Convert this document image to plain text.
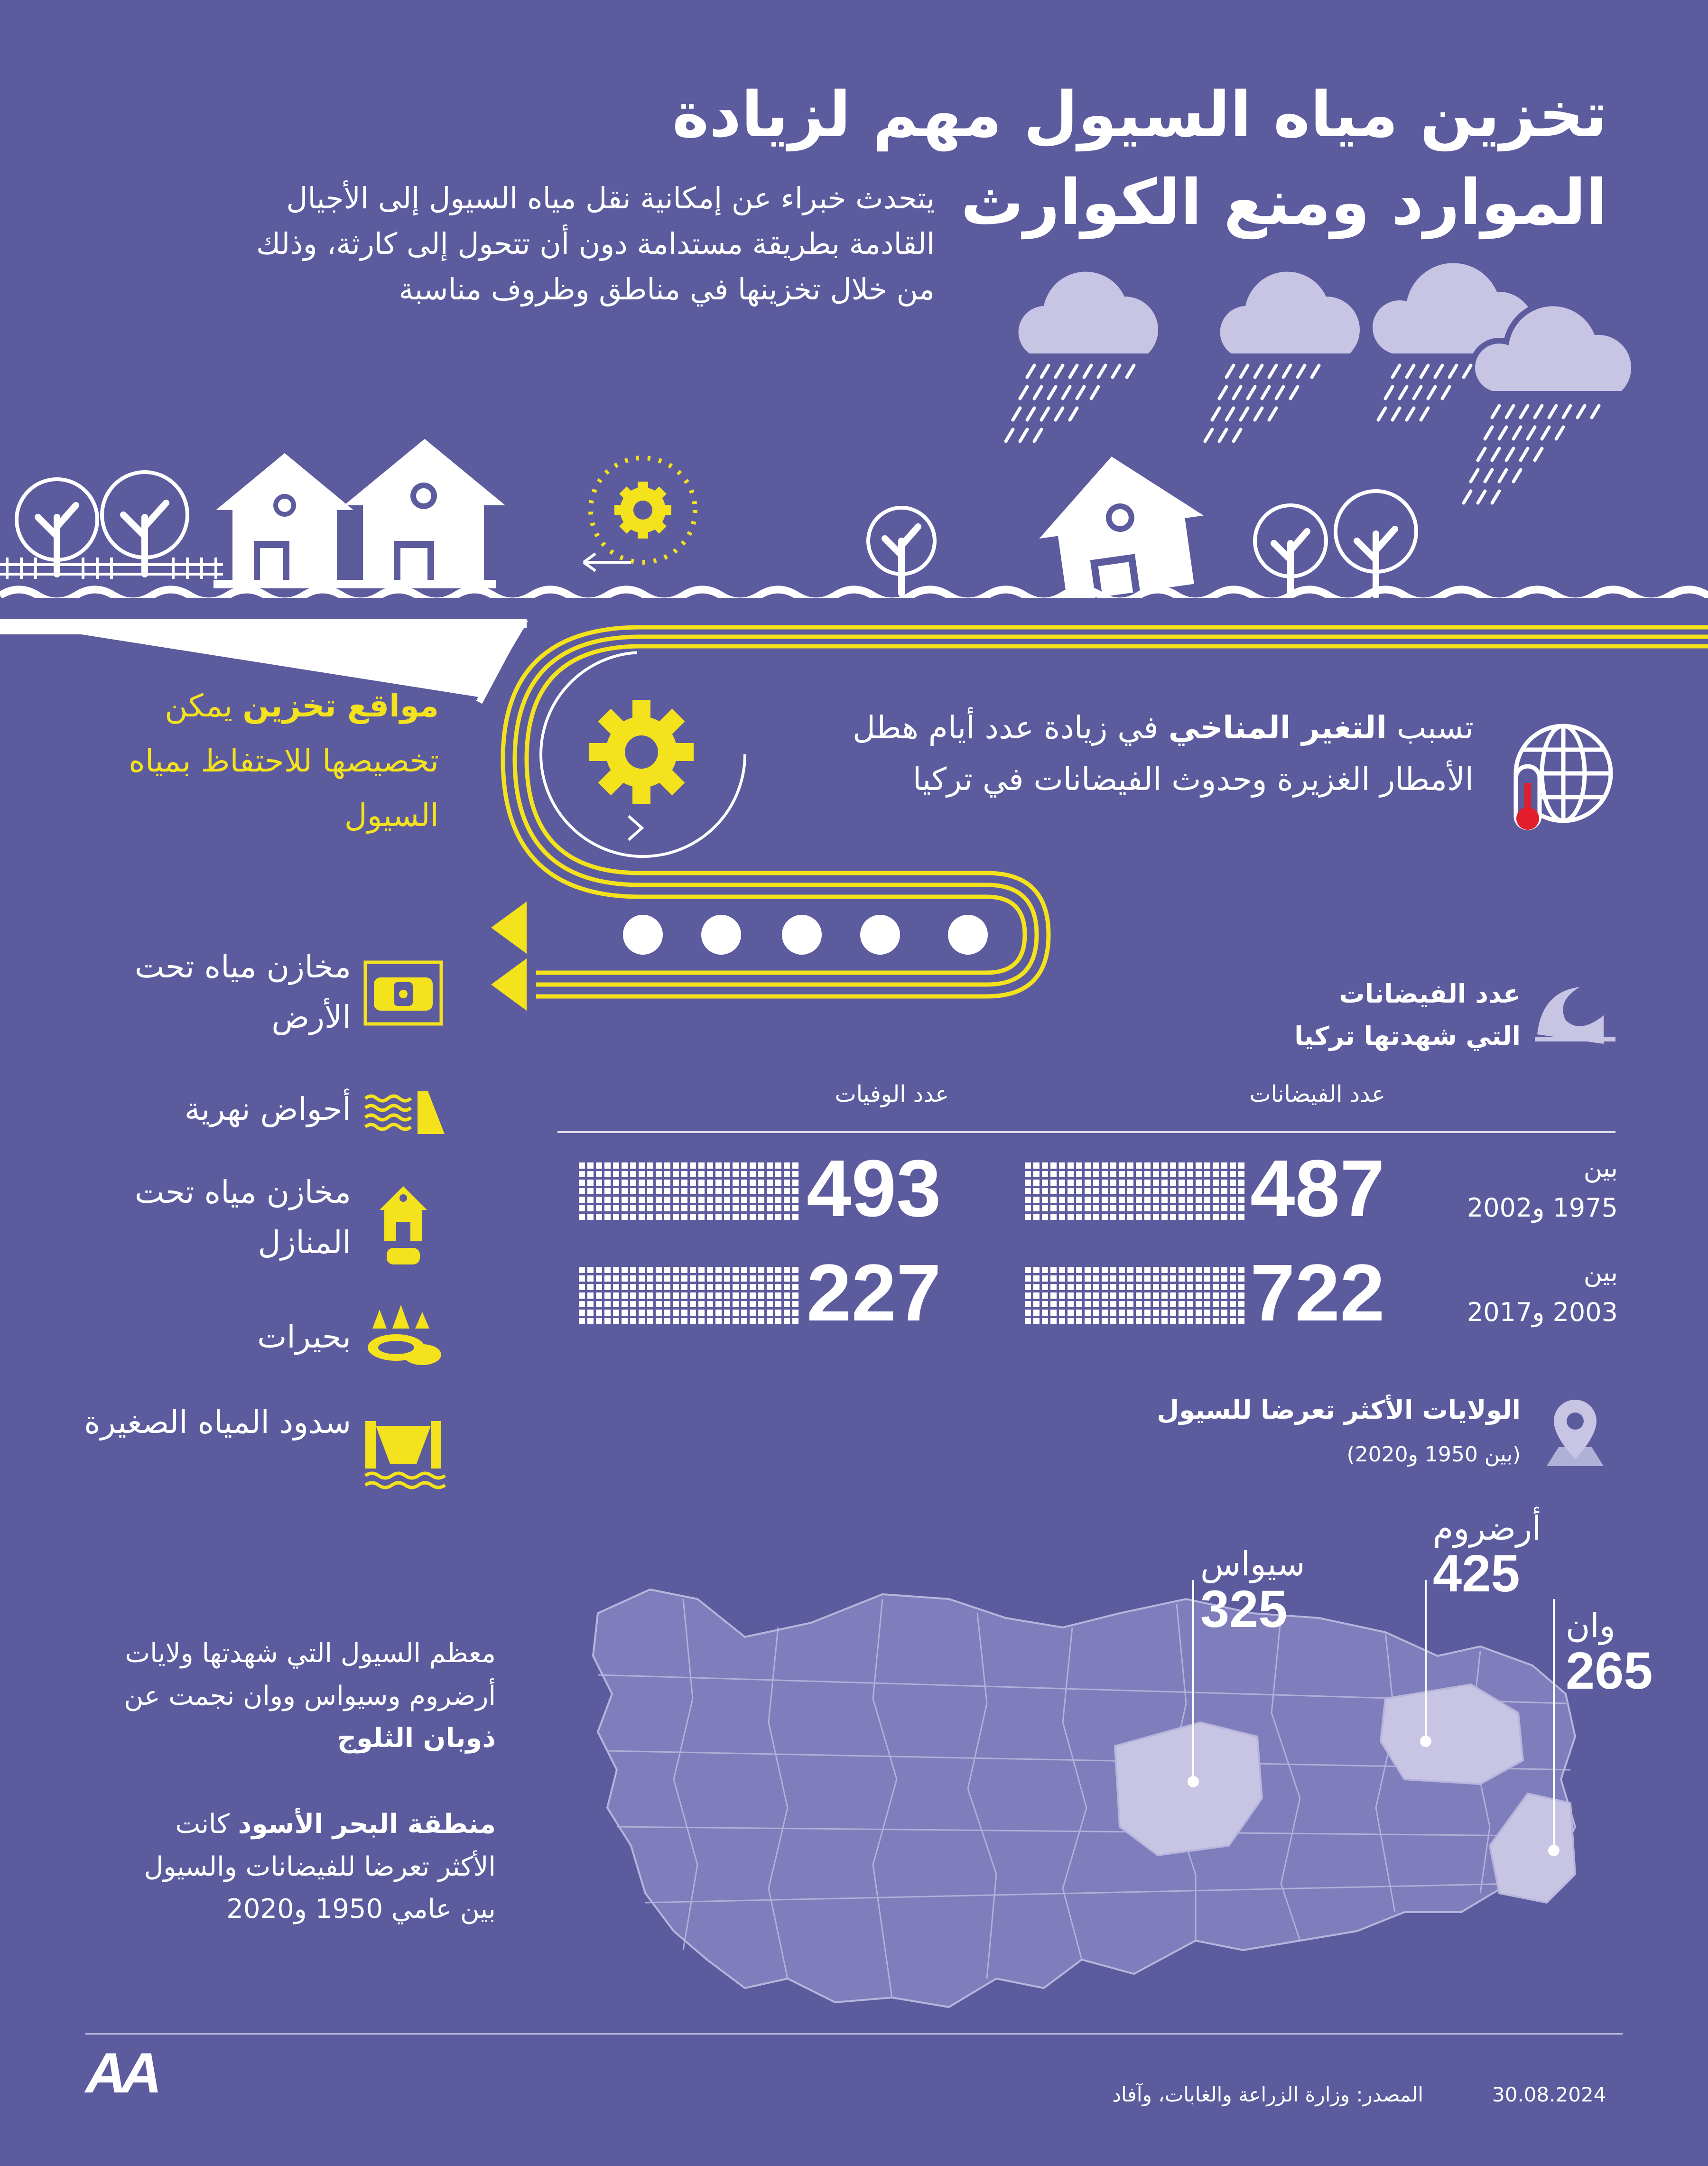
تخزين مياه السيول مهم لزيادة الموارد ومنع الكوارث
يتحدث خبراء عن إمكانية نقل مياه السيول إلى الأجيال القادمة بطريقة مستدامة دون أن تتحول إلى كارثة، وذلك من خلال تخزينها في مناطق وظروف مناسبة
مواقع تخزين يمكن تخصيصها للاحتفاظ بمياه السيول
تسبب التغير المناخي في زيادة عدد أيام هطل الأمطار الغزيرة وحدوث الفيضانات في تركيا
مخازن مياه تحت الأرض
أحواض نهرية
مخازن مياه تحت المنازل
بحيرات
سدود المياه الصغيرة
عدد الفيضانات
التي شهدتها تركيا
عدد الفيضانات
عدد الوفيات
بين
1975 و2002
بين
2003 و2017
487
493
722
227
الولايات الأكثر تعرضا للسيول
(بين 1950 و2020)
سيواس
325
أرضروم
425
وان
265
معظم السيول التي شهدتها ولايات أرضروم وسيواس ووان نجمت عن ذوبان الثلوج
منطقة البحر الأسود كانت الأكثر تعرضا للفيضانات والسيول بين عامي 1950 و2020
AA	المصدر: وزارة الزراعة والغابات، وآفاد	30.08.2024
